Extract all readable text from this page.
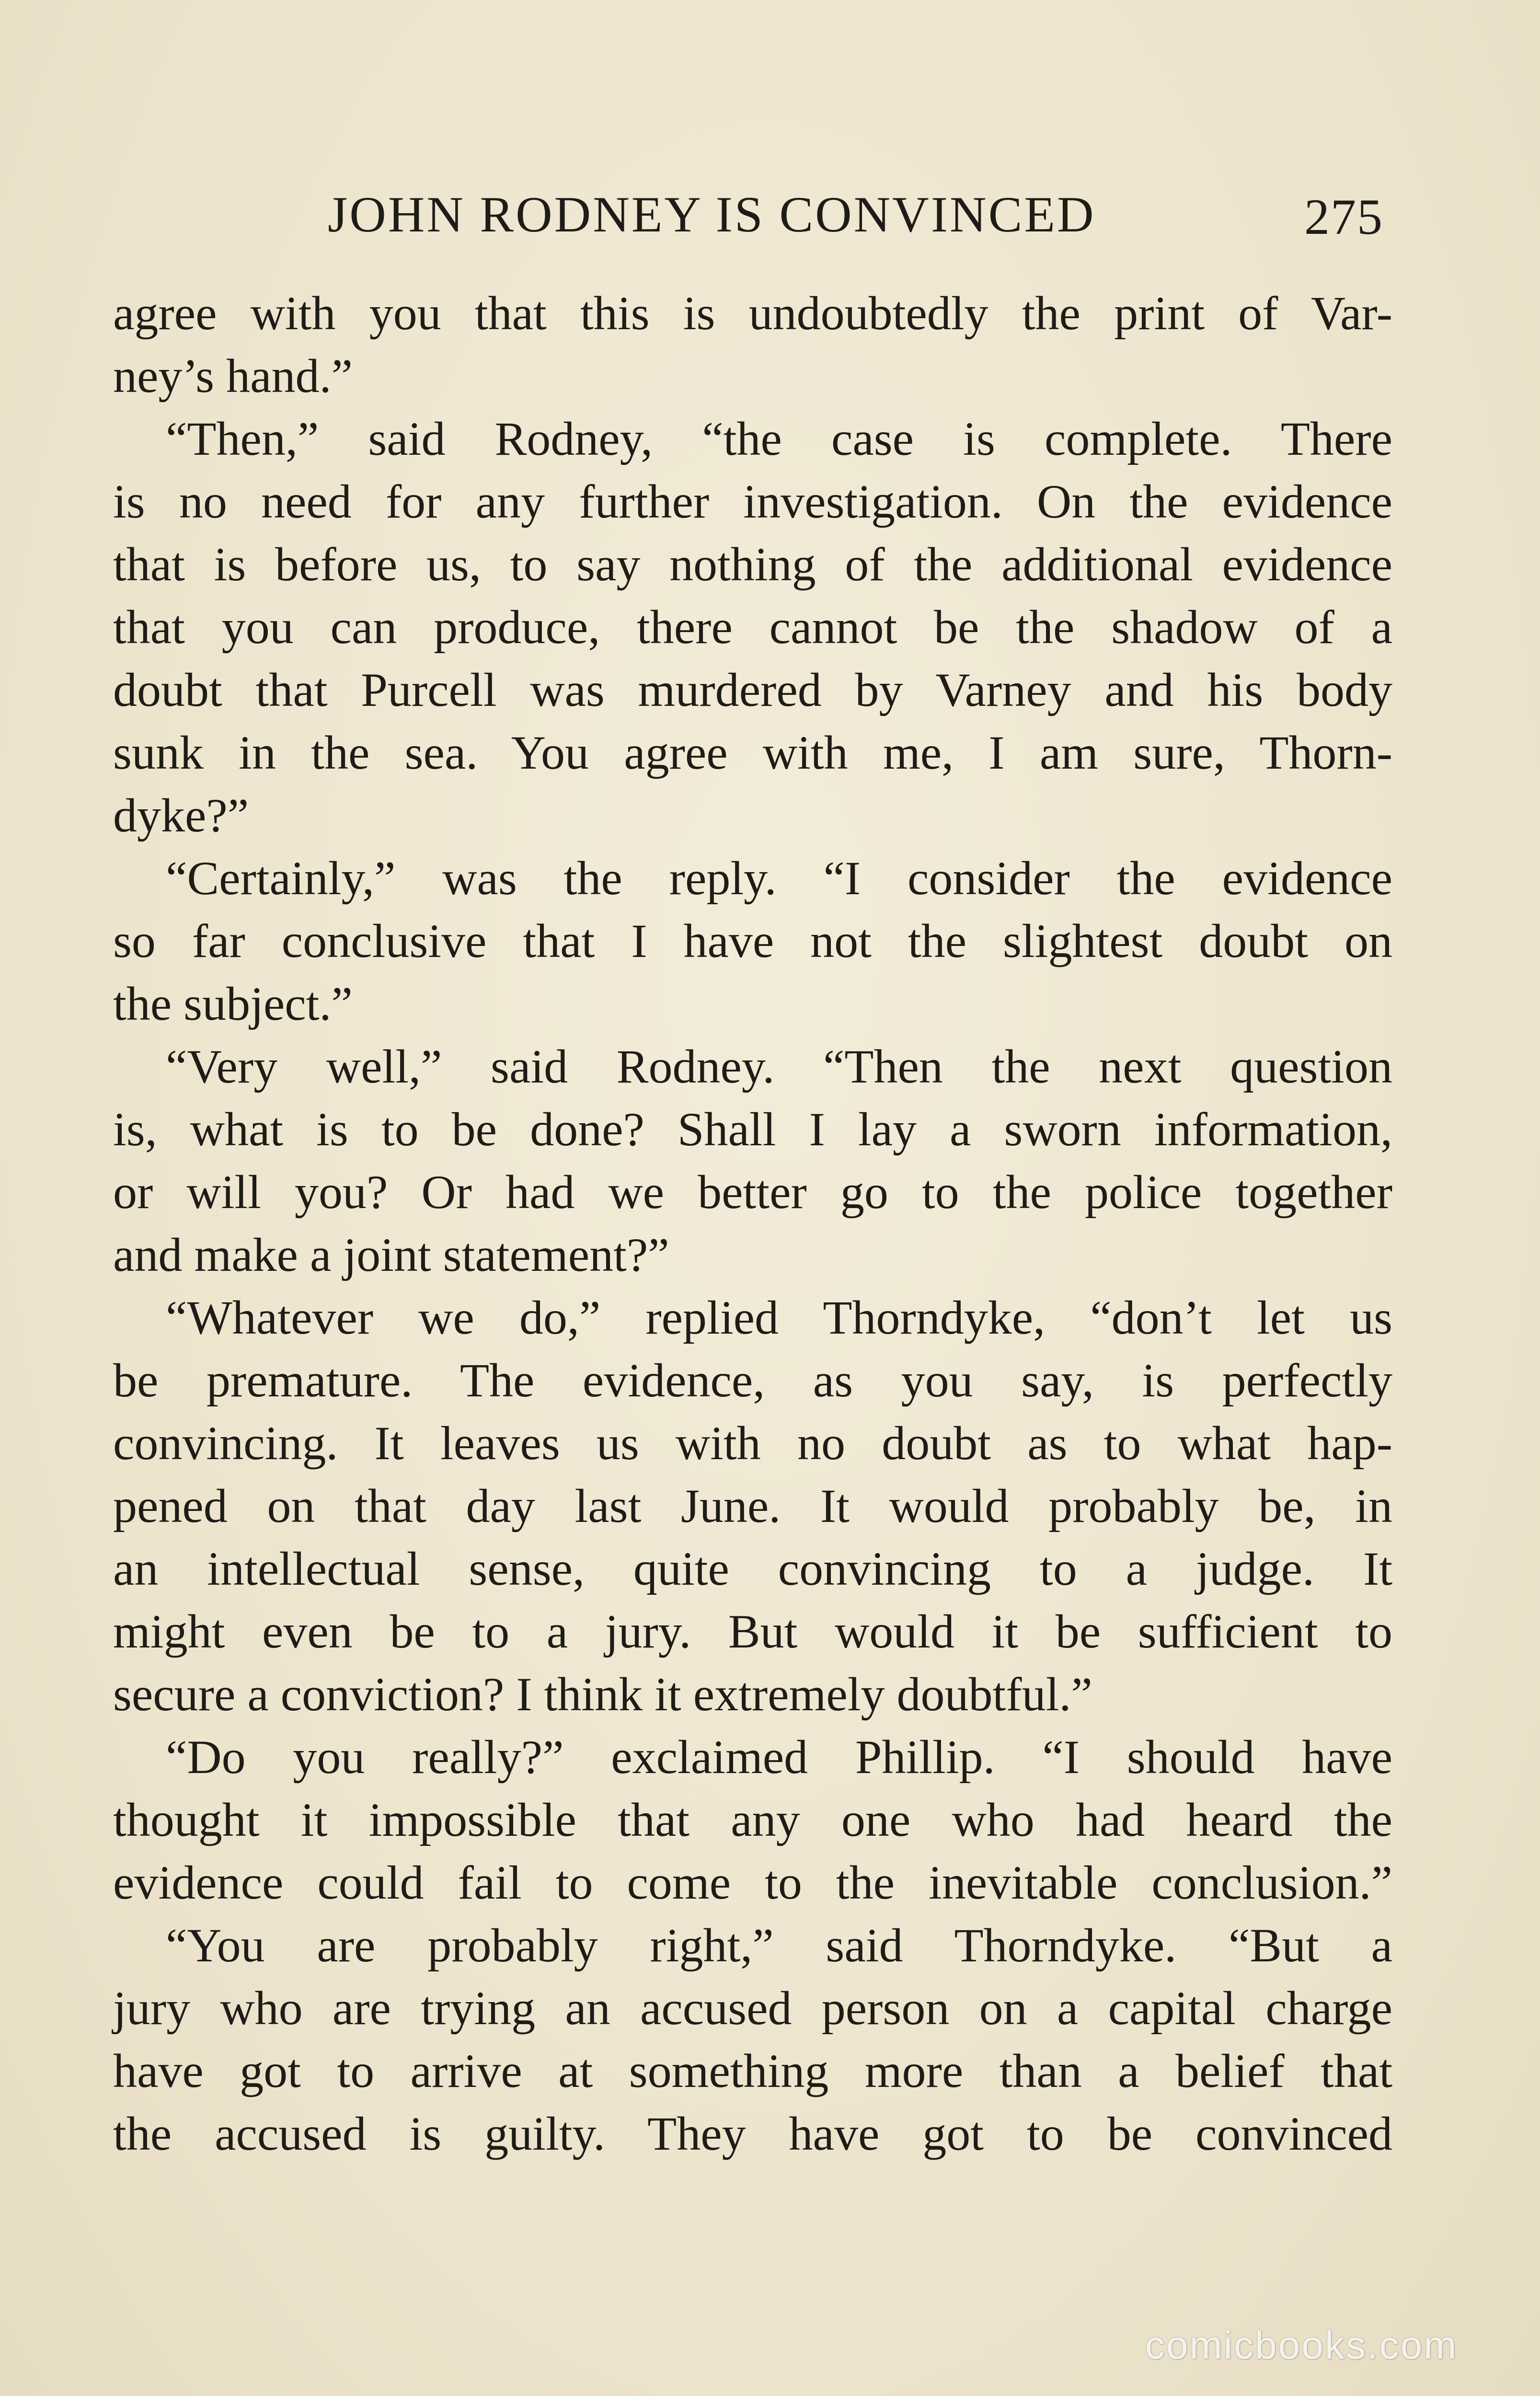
JOHN RODNEY IS CONVINCED	275
agree with you that this is undoubtedly the print of Var-
ney’s hand.”
“Then,” said Rodney, “the case is complete. There
is no need for any further investigation. On the evidence
that is before us, to say nothing of the additional evidence
that you can produce, there cannot be the shadow of a
doubt that Purcell was murdered by Varney and his body
sunk in the sea. You agree with me, I am sure, Thorn-
dyke?”
“Certainly,” was the reply. “I consider the evidence
so far conclusive that I have not the slightest doubt on
the subject.”
“Very well,” said Rodney. “Then the next question
is, what is to be done? Shall I lay a sworn information,
or will you? Or had we better go to the police together
and make a joint statement?”
“Whatever we do,” replied Thorndyke, “don’t let us
be premature. The evidence, as you say, is perfectly
convincing. It leaves us with no doubt as to what hap-
pened on that day last June. It would probably be, in
an intellectual sense, quite convincing to a judge. It
might even be to a jury. But would it be sufficient to
secure a conviction? I think it extremely doubtful.”
“Do you really?” exclaimed Phillip. “I should have
thought it impossible that any one who had heard the
evidence could fail to come to the inevitable conclusion.”
“You are probably right,” said Thorndyke. “But a
jury who are trying an accused person on a capital charge
have got to arrive at something more than a belief that
the accused is guilty. They have got to be convinced
comicbooks.com
